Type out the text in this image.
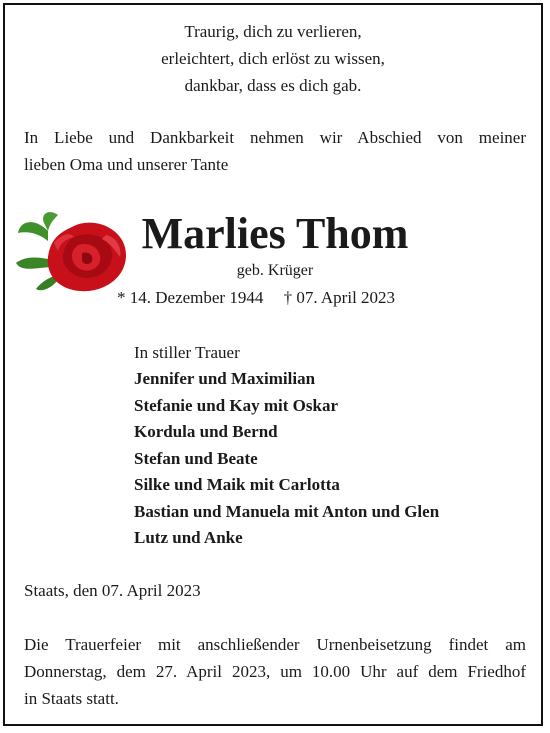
Traurig, dich zu verlieren,
erleichtert, dich erlöst zu wissen,
dankbar, dass es dich gab.
In Liebe und Dankbarkeit nehmen wir Abschied von meiner
lieben Oma und unserer Tante
Marlies Thom
geb. Krüger
* 14. Dezember 1944 † 07. April 2023
In stiller Trauer
Jennifer und Maximilian
Stefanie und Kay mit Oskar
Kordula und Bernd
Stefan und Beate
Silke und Maik mit Carlotta
Bastian und Manuela mit Anton und Glen
Lutz und Anke
Staats, den 07. April 2023
Die Trauerfeier mit anschließender Urnenbeisetzung findet am
Donnerstag, dem 27. April 2023, um 10.00 Uhr auf dem Friedhof
in Staats statt.
